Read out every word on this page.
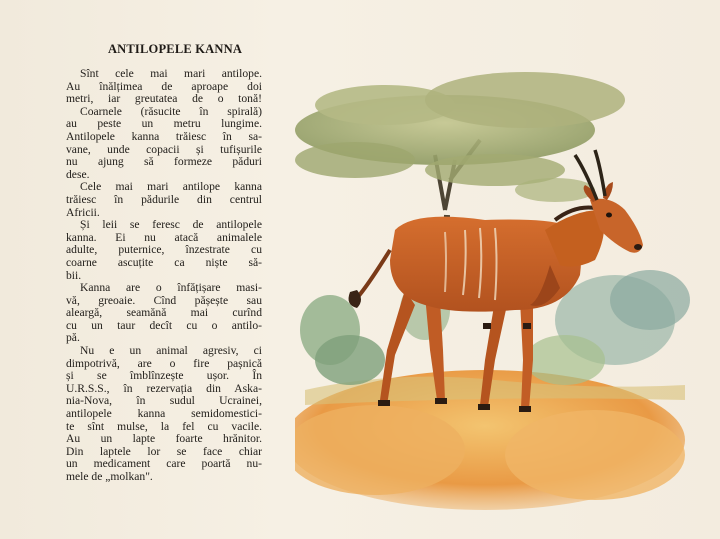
ANTILOPELE KANNA
Sînt cele mai mari antilope.
Au înălțimea de aproape doi
metri, iar greutatea de o tonă!
Coarnele (răsucite în spirală)
au peste un metru lungime.
Antilopele kanna trăiesc în sa-
vane, unde copacii și tufișurile
nu ajung să formeze păduri
dese.
Cele mai mari antilope kanna
trăiesc în pădurile din centrul
Africii.
Și leii se feresc de antilopele
kanna. Ei nu atacă animalele
adulte, puternice, înzestrate cu
coarne ascuțite ca niște să-
bii.
Kanna are o înfățișare masi-
vă, greoaie. Cînd pășește sau
aleargă, seamănă mai curînd
cu un taur decît cu o antilo-
pă.
Nu e un animal agresiv, ci
dimpotrivă, are o fire pașnică
și se îmblînzește ușor. În
U.R.S.S., în rezervația din Aska-
nia-Nova, în sudul Ucrainei,
antilopele kanna semidomestici-
te sînt mulse, la fel cu vacile.
Au un lapte foarte hrănitor.
Din laptele lor se face chiar
un medicament care poartă nu-
mele de „molkan".
